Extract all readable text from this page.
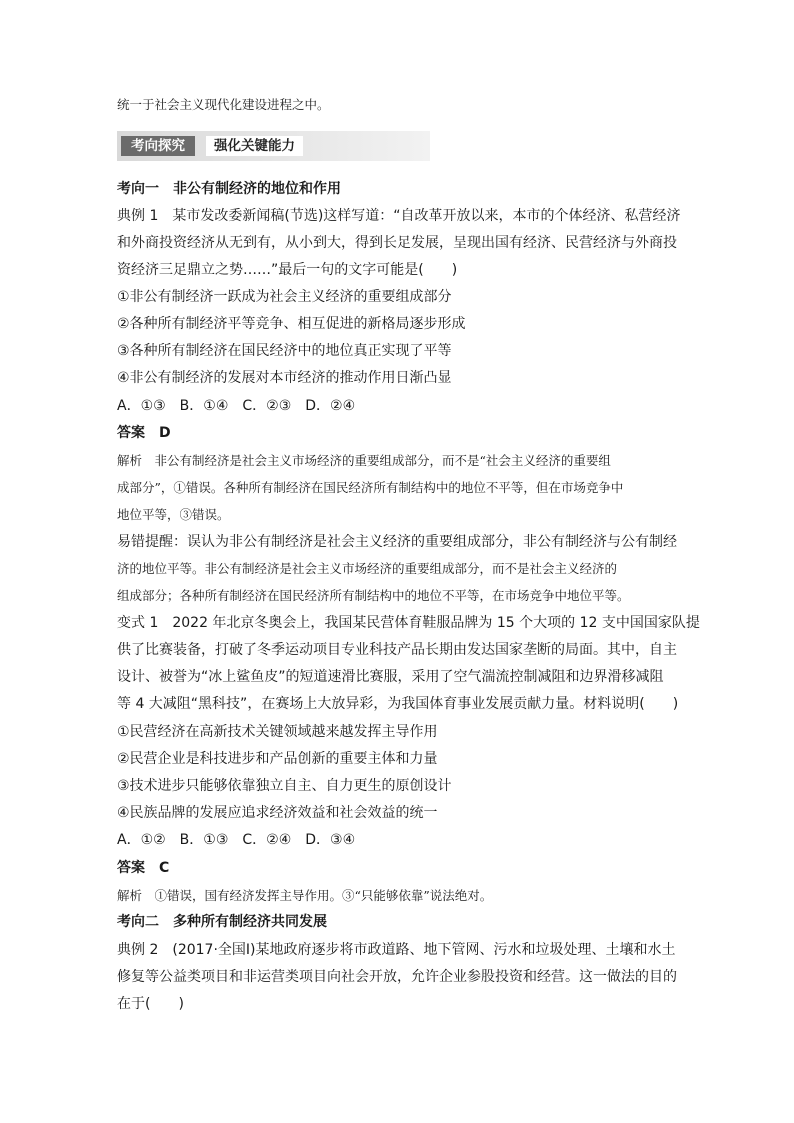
统一于社会主义现代化建设进程之中。
考向探究	强化关键能力
考向一　非公有制经济的地位和作用
典例 1　某市发改委新闻稿(节选)这样写道：“自改革开放以来，本市的个体经济、私营经济
和外商投资经济从无到有，从小到大，得到长足发展，呈现出国有经济、民营经济与外商投
资经济三足鼎立之势……”最后一句的文字可能是(　　)
①非公有制经济一跃成为社会主义经济的重要组成部分
②各种所有制经济平等竞争、相互促进的新格局逐步形成
③各种所有制经济在国民经济中的地位真正实现了平等
④非公有制经济的发展对本市经济的推动作用日渐凸显
A．①③　B．①④　C．②③　D．②④
答案　D
解析　非公有制经济是社会主义市场经济的重要组成部分，而不是“社会主义经济的重要组
成部分”，①错误。各种所有制经济在国民经济所有制结构中的地位不平等，但在市场竞争中
地位平等，③错误。
易错提醒：误认为非公有制经济是社会主义经济的重要组成部分，非公有制经济与公有制经
济的地位平等。非公有制经济是社会主义市场经济的重要组成部分，而不是社会主义经济的
组成部分；各种所有制经济在国民经济所有制结构中的地位不平等，在市场竞争中地位平等。
变式 1　2022 年北京冬奥会上，我国某民营体育鞋服品牌为 15 个大项的 12 支中国国家队提
供了比赛装备，打破了冬季运动项目专业科技产品长期由发达国家垄断的局面。其中，自主
设计、被誉为“冰上鲨鱼皮”的短道速滑比赛服，采用了空气湍流控制减阻和边界滑移减阻
等 4 大减阻“黑科技”，在赛场上大放异彩，为我国体育事业发展贡献力量。材料说明(　　)
①民营经济在高新技术关键领域越来越发挥主导作用
②民营企业是科技进步和产品创新的重要主体和力量
③技术进步只能够依靠独立自主、自力更生的原创设计
④民族品牌的发展应追求经济效益和社会效益的统一
A．①②　B．①③　C．②④　D．③④
答案　C
解析　①错误，国有经济发挥主导作用。③“只能够依靠”说法绝对。
考向二　多种所有制经济共同发展
典例 2　(2017·全国Ⅰ)某地政府逐步将市政道路、地下管网、污水和垃圾处理、土壤和水土
修复等公益类项目和非运营类项目向社会开放，允许企业参股投资和经营。这一做法的目的
在于(　　)
